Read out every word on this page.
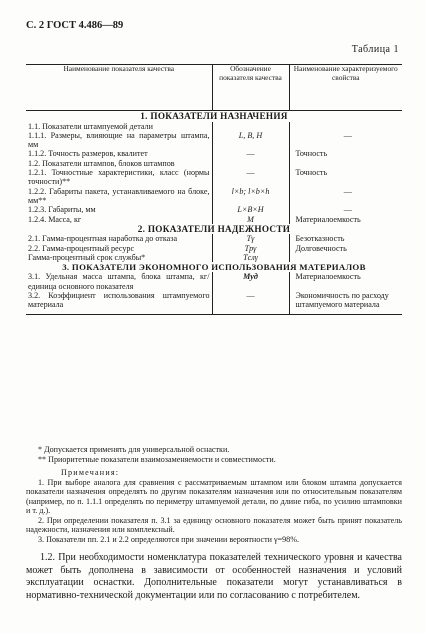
С. 2 ГОСТ 4.486—89
Таблица 1
Наименование показателя качества	Обозначение показателя качества	Наименование характеризуемого свойства
1. ПОКАЗАТЕЛИ НАЗНАЧЕНИЯ		
1.1. Показатели штампуемой детали		
1.1.1. Размеры, влияющие на параметры штампа, мм	L, B, H	—
1.1.2. Точность размеров, квалитет	—	Точность
1.2. Показатели штампов, блоков штампов		
1.2.1. Точностные характеристики, класс (нормы точности)**	—	Точность
1.2.2. Габариты пакета, устанавливаемого на блоке, мм**	l×b; l×b×h	—
1.2.3. Габариты, мм	L×B×H	—
1.2.4. Масса, кг	M	Материалоемкость
2. ПОКАЗАТЕЛИ НАДЕЖНОСТИ		
2.1. Гамма-процентная наработка до отказа	Tγ	Безотказность
2.2. Гамма-процентный ресурс	Tpγ	Долговечность
Гамма-процентный срок службы*	Tслγ	
3. ПОКАЗАТЕЛИ ЭКОНОМНОГО ИСПОЛЬЗОВАНИЯ МАТЕРИАЛОВ		
3.1. Удельная масса штампа, блока штампа, кг/единица основного показателя	Mуд	Материалоемкость
3.2. Коэффициент использования штампуемого материала	—	Экономичность по расходу штампуемого материала

* Допускается применять для универсальной оснастки.

** Приоритетные показатели взаимозаменяемости и совместимости.

Примечания:

1. При выборе аналога для сравнения с рассматриваемым штампом или блоком штампа допускается показатели назначения определять по другим показателям назначения или по относительным показателям (например, по п. 1.1.1 определять по периметру штампуемой детали, по длине гиба, по усилию штамповки и т. д.).

2. При определении показателя п. 3.1 за единицу основного показателя может быть принят показатель надежности, назначения или комплексный.

3. Показатели пп. 2.1 и 2.2 определяются при значении вероятности γ=98%.

1.2. При необходимости номенклатура показателей технического уровня и качества может быть дополнена в зависимости от особенностей назначения и условий эксплуатации оснастки. Дополнительные показатели могут устанавливаться в нормативно-технической документации или по согласованию с потребителем.
